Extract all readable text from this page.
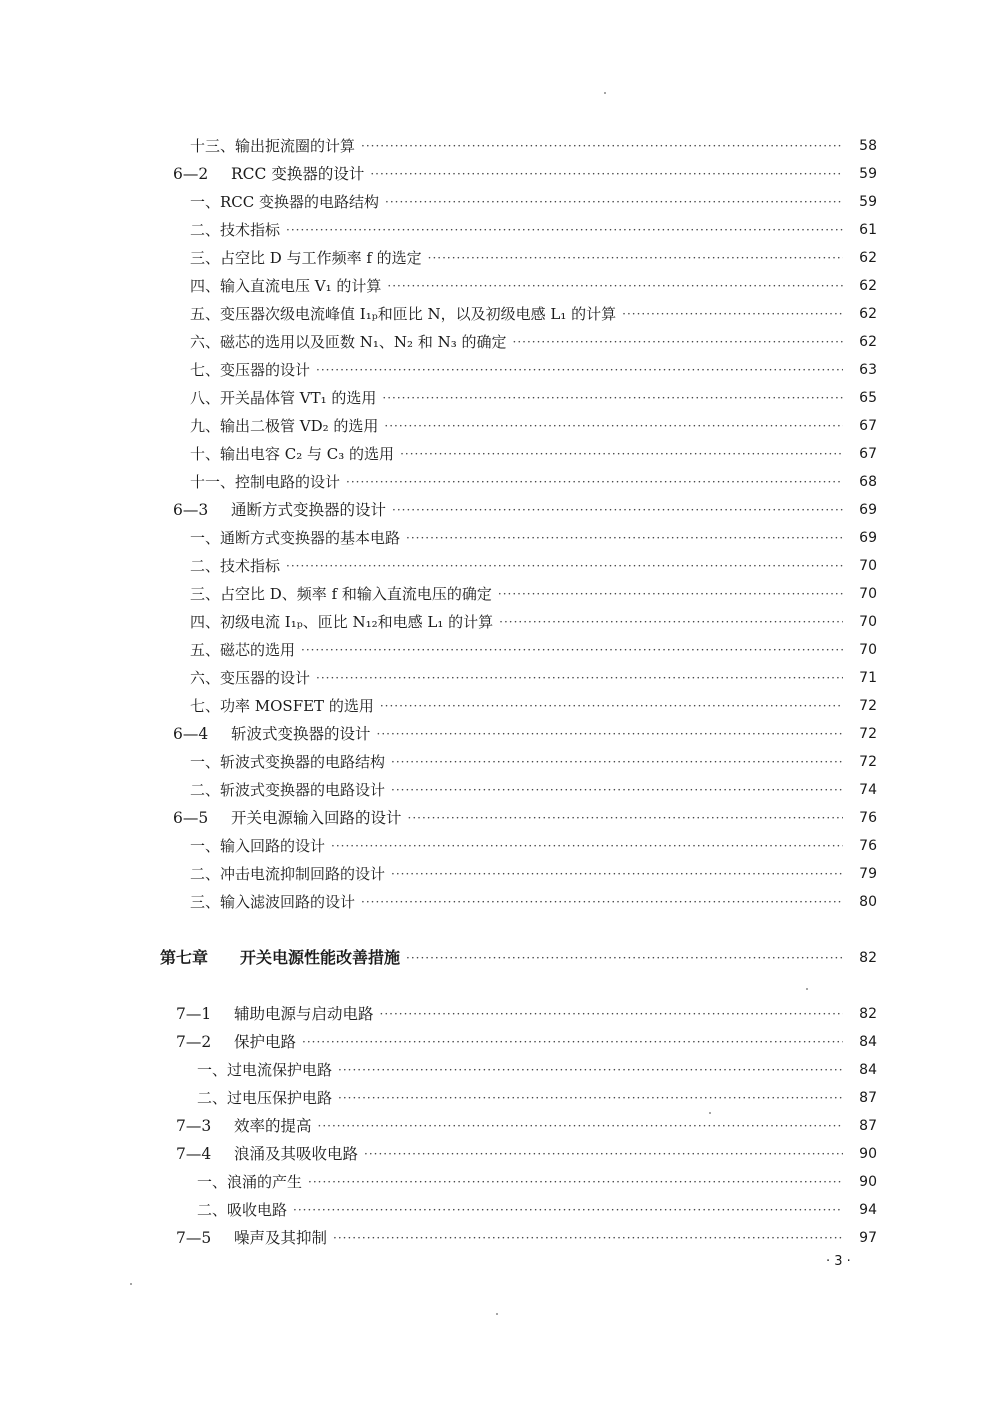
十三、输出扼流圈的计算 ·····	58
6—2 RCC 变换器的设计 ·····	59
一、RCC 变换器的电路结构 ·····	59
二、技术指标 ·····	61
三、占空比 D 与工作频率 f 的选定 ·····	62
四、输入直流电压 V₁ 的计算 ·····	62
五、变压器次级电流峰值 I₁ₚ和匝比 N，以及初级电感 L₁ 的计算 ·····	62
六、磁芯的选用以及匝数 N₁、N₂ 和 N₃ 的确定 ·····	62
七、变压器的设计 ·····	63
八、开关晶体管 VT₁ 的选用 ·····	65
九、输出二极管 VD₂ 的选用 ·····	67
十、输出电容 C₂ 与 C₃ 的选用 ·····	67
十一、控制电路的设计 ·····	68
6—3 通断方式变换器的设计 ·····	69
一、通断方式变换器的基本电路 ·····	69
二、技术指标 ·····	70
三、占空比 D、频率 f 和输入直流电压的确定 ·····	70
四、初级电流 I₁ₚ、匝比 N₁₂和电感 L₁ 的计算 ·····	70
五、磁芯的选用 ·····	70
六、变压器的设计 ·····	71
七、功率 MOSFET 的选用 ·····	72
6—4 斩波式变换器的设计 ·····	72
一、斩波式变换器的电路结构 ·····	72
二、斩波式变换器的电路设计 ·····	74
6—5 开关电源输入回路的设计 ·····	76
一、输入回路的设计 ·····	76
二、冲击电流抑制回路的设计 ·····	79
三、输入滤波回路的设计 ·····	80
第七章 开关电源性能改善措施 ·····	82
7—1 辅助电源与启动电路 ·····	82
7—2 保护电路 ·····	84
一、过电流保护电路 ·····	84
二、过电压保护电路 ·····	87
7—3 效率的提高 ·····	87
7—4 浪涌及其吸收电路 ·····	90
一、浪涌的产生 ·····	90
二、吸收电路 ·····	94
7—5 噪声及其抑制 ·····	97
· 3 ·
